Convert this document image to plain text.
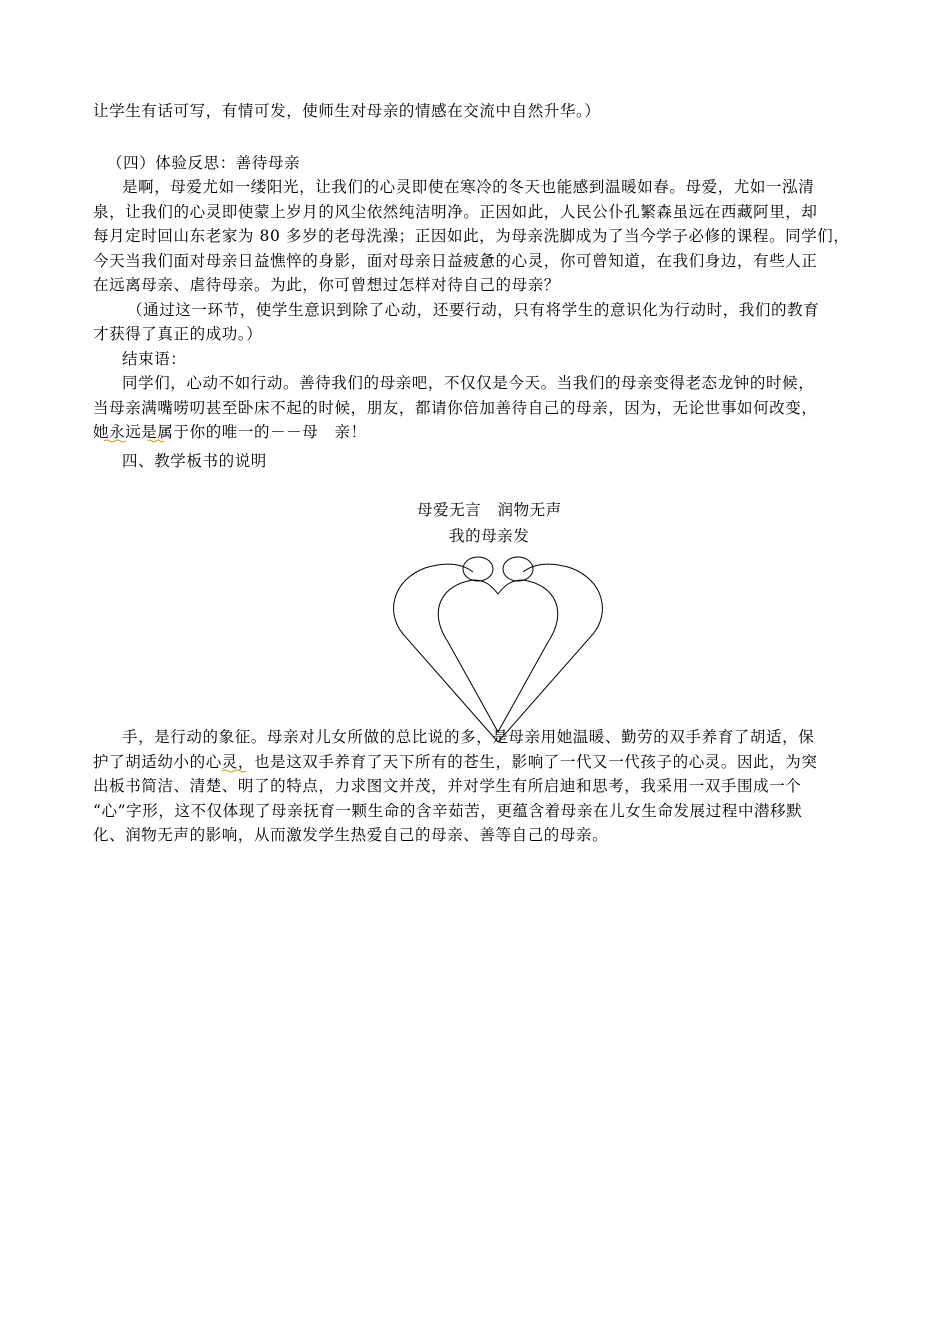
让学生有话可写，有情可发，使师生对母亲的情感在交流中自然升华。）
（四）体验反思：善待母亲
是啊，母爱尤如一缕阳光，让我们的心灵即使在寒冷的冬天也能感到温暖如春。母爱，尤如一泓清
泉，让我们的心灵即使蒙上岁月的风尘依然纯洁明净。正因如此，人民公仆孔繁森虽远在西藏阿里，却
每月定时回山东老家为 80 多岁的老母洗澡；正因如此，为母亲洗脚成为了当今学子必修的课程。同学们，
今天当我们面对母亲日益憔悴的身影，面对母亲日益疲惫的心灵，你可曾知道，在我们身边，有些人正
在远离母亲、虐待母亲。为此，你可曾想过怎样对待自己的母亲？
（通过这一环节，使学生意识到除了心动，还要行动，只有将学生的意识化为行动时，我们的教育
才获得了真正的成功。）
结束语：
同学们，心动不如行动。善待我们的母亲吧，不仅仅是今天。当我们的母亲变得老态龙钟的时候，
当母亲满嘴唠叨甚至卧床不起的时候，朋友，都请你倍加善待自己的母亲，因为，无论世事如何改变，
她永远是属于你的唯一的－－母　亲！
四、教学板书的说明
母爱无言　润物无声
我的母亲发
手，是行动的象征。母亲对儿女所做的总比说的多，是母亲用她温暖、勤劳的双手养育了胡适，保
护了胡适幼小的心灵，也是这双手养育了天下所有的苍生，影响了一代又一代孩子的心灵。因此，为突
出板书简洁、清楚、明了的特点，力求图文并茂，并对学生有所启迪和思考，我采用一双手围成一个
“心”字形，这不仅体现了母亲抚育一颗生命的含辛茹苦，更蕴含着母亲在儿女生命发展过程中潜移默
化、润物无声的影响，从而激发学生热爱自己的母亲、善等自己的母亲。
